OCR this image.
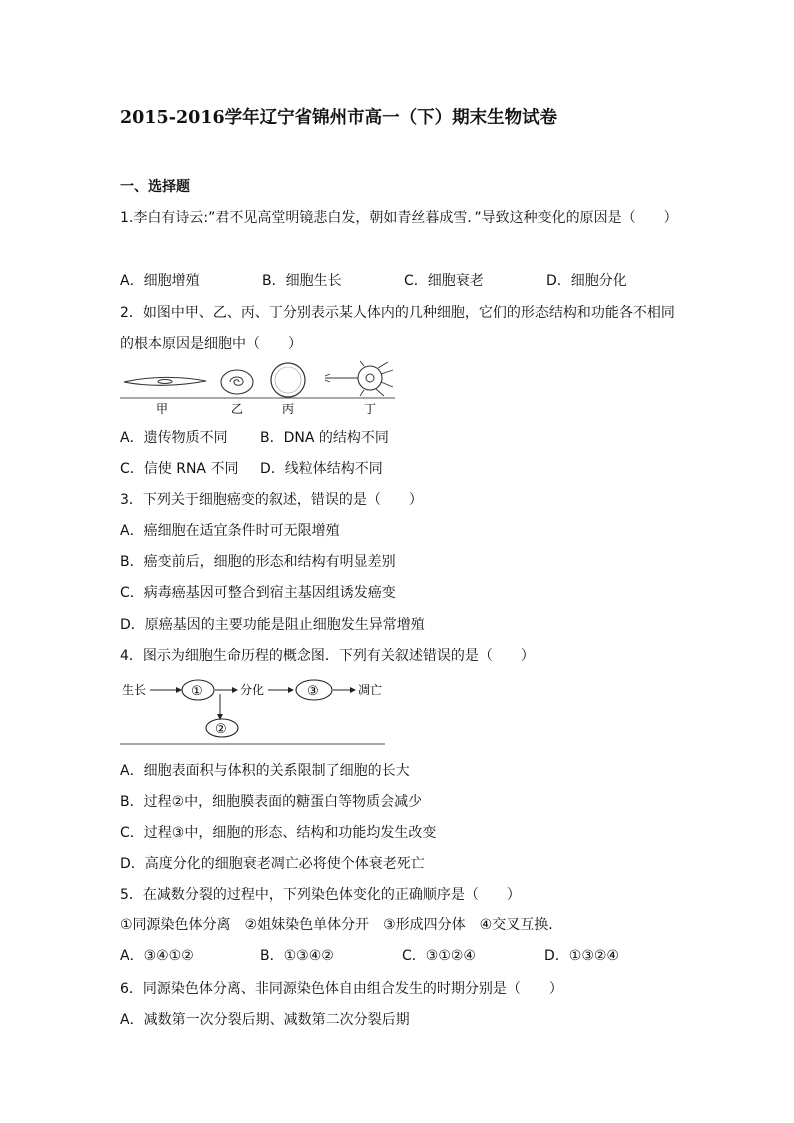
2015-2016学年辽宁省锦州市高一（下）期末生物试卷
一、选择题
1.李白有诗云:”君不见高堂明镜悲白发，朝如青丝暮成雪．”导致这种变化的原因是（　　）
A．细胞增殖	B．细胞生长	C．细胞衰老	D．细胞分化
2．如图中甲、乙、丙、丁分别表示某人体内的几种细胞，它们的形态结构和功能各不相同
的根本原因是细胞中（　　）
甲	乙	丙	丁
A．遗传物质不同 B．DNA 的结构不同
C．信使 RNA 不同 D．线粒体结构不同
3．下列关于细胞癌变的叙述，错误的是（　　）
A．癌细胞在适宜条件时可无限增殖
B．癌变前后，细胞的形态和结构有明显差别
C．病毒癌基因可整合到宿主基因组诱发癌变
D．原癌基因的主要功能是阻止细胞发生异常增殖
4．图示为细胞生命历程的概念图．下列有关叙述错误的是（　　）
生长	①	分化	③	凋亡
②
A．细胞表面积与体积的关系限制了细胞的长大
B．过程②中，细胞膜表面的糖蛋白等物质会减少
C．过程③中，细胞的形态、结构和功能均发生改变
D．高度分化的细胞衰老凋亡必将使个体衰老死亡
5．在减数分裂的过程中，下列染色体变化的正确顺序是（　　）
①同源染色体分离　②姐妹染色单体分开　③形成四分体　④交叉互换．
A．③④①②	B．①③④②	C．③①②④	D．①③②④
6．同源染色体分离、非同源染色体自由组合发生的时期分别是（　　）
A．减数第一次分裂后期、减数第二次分裂后期
